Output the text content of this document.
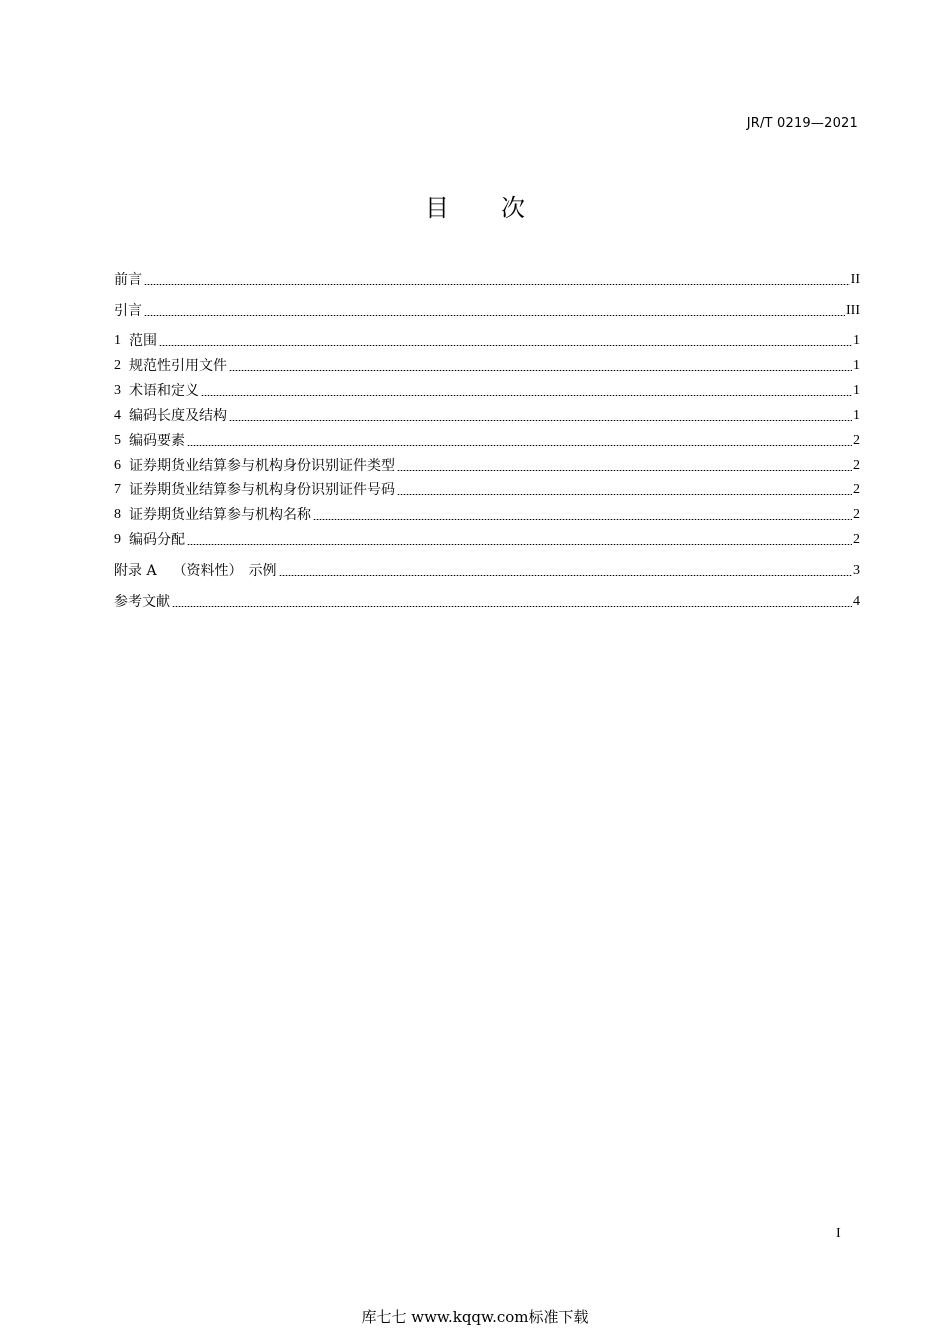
JR/T 0219—2021
目 次
前言	II
引言	III
1 范围	1
2 规范性引用文件	1
3 术语和定义	1
4 编码长度及结构	1
5 编码要素	2
6 证券期货业结算参与机构身份识别证件类型	2
7 证券期货业结算参与机构身份识别证件号码	2
8 证券期货业结算参与机构名称	2
9 编码分配	2
附录 A （资料性） 示例	3
参考文献	4
I
库七七 www.kqqw.com标准下载
